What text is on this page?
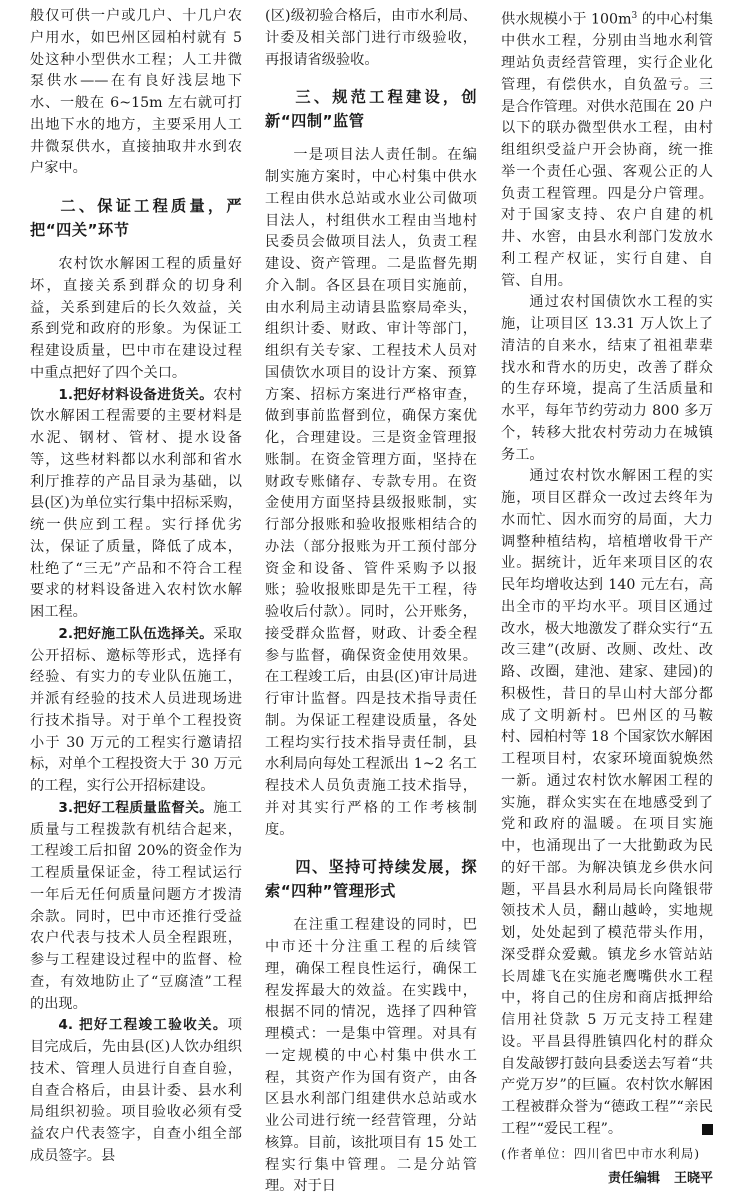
般仅可供一户或几户、十几户农户用水，如巴州区园柏村就有 5 处这种小型供水工程；人工井微泵供水——在有良好浅层地下水、一般在 6~15m 左右就可打出地下水的地方，主要采用人工井微泵供水，直接抽取井水到农户家中。

二、保证工程质量，严把“四关”环节

农村饮水解困工程的质量好坏，直接关系到群众的切身利益，关系到建后的长久效益，关系到党和政府的形象。为保证工程建设质量，巴中市在建设过程中重点把好了四个关口。

1.把好材料设备进货关。农村饮水解困工程需要的主要材料是水泥、钢材、管材、提水设备等，这些材料都以水利部和省水利厅推荐的产品目录为基础，以县(区)为单位实行集中招标采购，统一供应到工程。实行择优劣汰，保证了质量，降低了成本，杜绝了“三无”产品和不符合工程要求的材料设备进入农村饮水解困工程。

2.把好施工队伍选择关。采取公开招标、邀标等形式，选择有经验、有实力的专业队伍施工，并派有经验的技术人员进现场进行技术指导。对于单个工程投资小于 30 万元的工程实行邀请招标，对单个工程投资大于 30 万元的工程，实行公开招标建设。

3.把好工程质量监督关。施工质量与工程拨款有机结合起来，工程竣工后扣留 20%的资金作为工程质量保证金，待工程试运行一年后无任何质量问题方才拨清余款。同时，巴中市还推行受益农户代表与技术人员全程跟班，参与工程建设过程中的监督、检查，有效地防止了“豆腐渣”工程的出现。

4. 把好工程竣工验收关。项目完成后，先由县(区)人饮办组织技术、管理人员进行自查自验，自查合格后，由县计委、县水利局组织初验。项目验收必须有受益农户代表签字，自查小组全部成员签字。县

(区)级初验合格后，由市水利局、计委及相关部门进行市级验收，再报请省级验收。

三、规范工程建设，创新“四制”监管

一是项目法人责任制。在编制实施方案时，中心村集中供水工程由供水总站或水业公司做项目法人，村组供水工程由当地村民委员会做项目法人，负责工程建设、资产管理。二是监督先期介入制。各区县在项目实施前，由水利局主动请县监察局牵头，组织计委、财政、审计等部门，组织有关专家、工程技术人员对国债饮水项目的设计方案、预算方案、招标方案进行严格审查，做到事前监督到位，确保方案优化，合理建设。三是资金管理报账制。在资金管理方面，坚持在财政专账储存、专款专用。在资金使用方面坚持县级报账制，实行部分报账和验收报账相结合的办法（部分报账为开工预付部分资金和设备、管件采购予以报账；验收报账即是先干工程，待验收后付款）。同时，公开账务，接受群众监督，财政、计委全程参与监督，确保资金使用效果。在工程竣工后，由县(区)审计局进行审计监督。四是技术指导责任制。为保证工程建设质量，各处工程均实行技术指导责任制，县水利局向每处工程派出 1~2 名工程技术人员负责施工技术指导，并对其实行严格的工作考核制度。

四、坚持可持续发展，探索“四种”管理形式

在注重工程建设的同时，巴中市还十分注重工程的后续管理，确保工程良性运行，确保工程发挥最大的效益。在实践中，根据不同的情况，选择了四种管理模式：一是集中管理。对具有一定规模的中心村集中供水工程，其资产作为国有资产，由各区县水利部门组建供水总站或水业公司进行统一经营管理，分站核算。目前，该批项目有 15 处工程实行集中管理。二是分站管理。对于日

供水规模小于 $100m^3$ 的中心村集中供水工程，分别由当地水利管理站负责经营管理，实行企业化管理，有偿供水，自负盈亏。三是合作管理。对供水范围在 20 户以下的联办微型供水工程，由村组组织受益户开会协商，统一推举一个责任心强、客观公正的人负责工程管理。四是分户管理。对于国家支持、农户自建的机井、水窖，由县水利部门发放水利工程产权证，实行自建、自管、自用。

通过农村国债饮水工程的实施，让项目区 13.31 万人饮上了清洁的自来水，结束了祖祖辈辈找水和背水的历史，改善了群众的生存环境，提高了生活质量和水平，每年节约劳动力 800 多万个，转移大批农村劳动力在城镇务工。

通过农村饮水解困工程的实施，项目区群众一改过去终年为水而忙、因水而穷的局面，大力调整种植结构，培植增收骨干产业。据统计，近年来项目区的农民年均增收达到 140 元左右，高出全市的平均水平。项目区通过改水，极大地激发了群众实行“五改三建”(改厨、改厕、改灶、改路、改圈，建池、建家、建园)的积极性，昔日的旱山村大部分都成了文明新村。巴州区的马鞍村、园柏村等 18 个国家饮水解困工程项目村，农家环境面貌焕然一新。通过农村饮水解困工程的实施，群众实实在在地感受到了党和政府的温暖。在项目实施中，也涌现出了一大批勤政为民的好干部。为解决镇龙乡供水问题，平昌县水利局局长向隆银带领技术人员，翻山越岭，实地规划，处处起到了模范带头作用，深受群众爱戴。镇龙乡水管站站长周雄飞在实施老鹰嘴供水工程中，将自己的住房和商店抵押给信用社贷款 5 万元支持工程建设。平昌县得胜镇四化村的群众自发敲锣打鼓向县委送去写着“共产党万岁”的巨匾。农村饮水解困工程被群众誉为“德政工程”“亲民工程”“爱民工程”。

(作者单位：四川省巴中市水利局)
责任编辑 王晓平
